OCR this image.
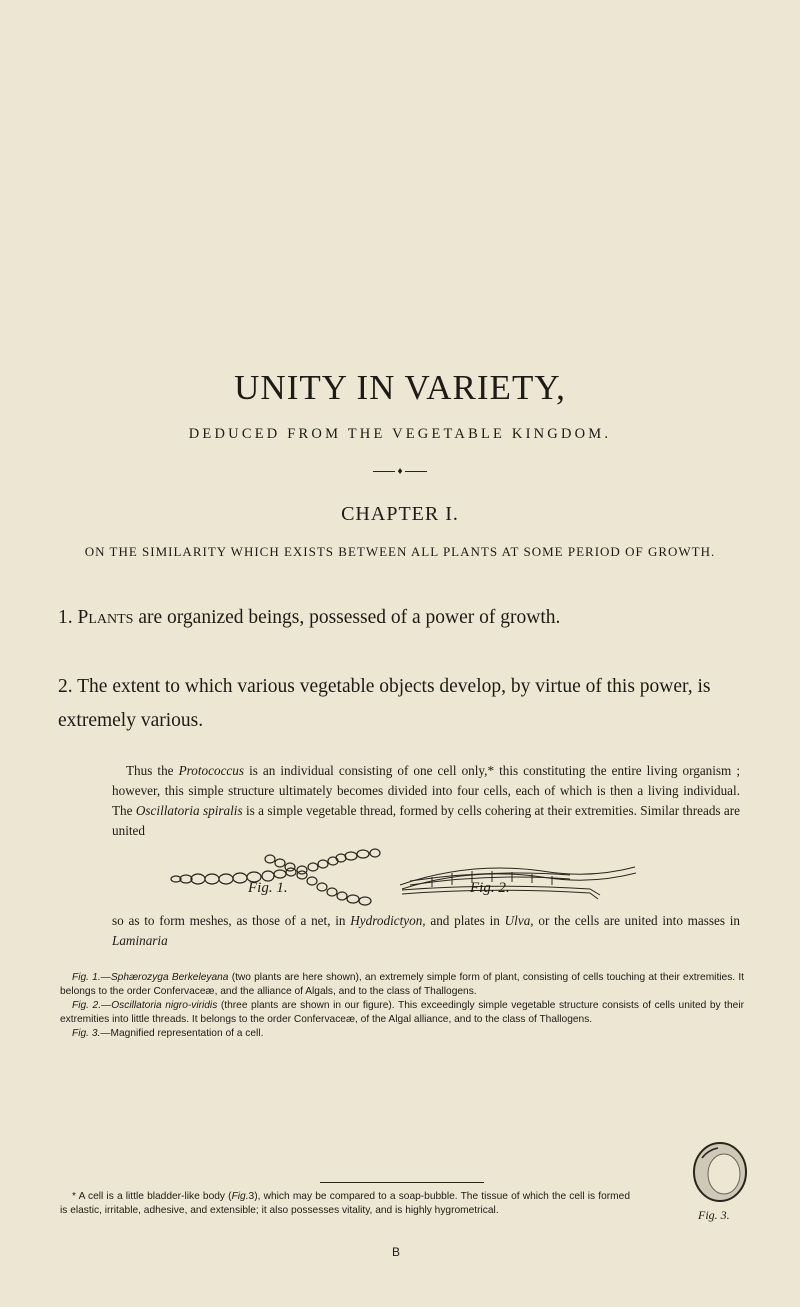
UNITY IN VARIETY,
DEDUCED FROM THE VEGETABLE KINGDOM.
♦
CHAPTER I.
ON THE SIMILARITY WHICH EXISTS BETWEEN ALL PLANTS AT SOME PERIOD OF GROWTH.
1. Plants are organized beings, possessed of a power of growth.
2. The extent to which various vegetable objects develop, by virtue of this power, is extremely various.
Thus the Protococcus is an individual consisting of one cell only,* this constituting the entire living organism ; however, this simple structure ultimately becomes divided into four cells, each of which is then a living individual. The Oscillatoria spiralis is a simple vegetable thread, formed by cells cohering at their extremities. Similar threads are united
Fig. 1.	Fig. 2.
so as to form meshes, as those of a net, in Hydrodictyon, and plates in Ulva, or the cells are united into masses in Laminaria

Fig. 1.—Sphærozyga Berkeleyana (two plants are here shown), an extremely simple form of plant, consisting of cells touching at their extremities. It belongs to the order Confervaceæ, and the alliance of Algals, and to the class of Thallogens.

Fig. 2.—Oscillatoria nigro-viridis (three plants are shown in our figure). This exceedingly simple vegetable structure consists of cells united by their extremities into little threads. It belongs to the order Confervaceæ, of the Algal alliance, and to the class of Thallogens.

Fig. 3.—Magnified representation of a cell.

* A cell is a little bladder-like body (Fig.3), which may be compared to a soap-bubble. The tissue of which the cell is formed is elastic, irritable, adhesive, and extensible; it also possesses vitality, and is highly hygrometrical.	Fig. 3.
B
